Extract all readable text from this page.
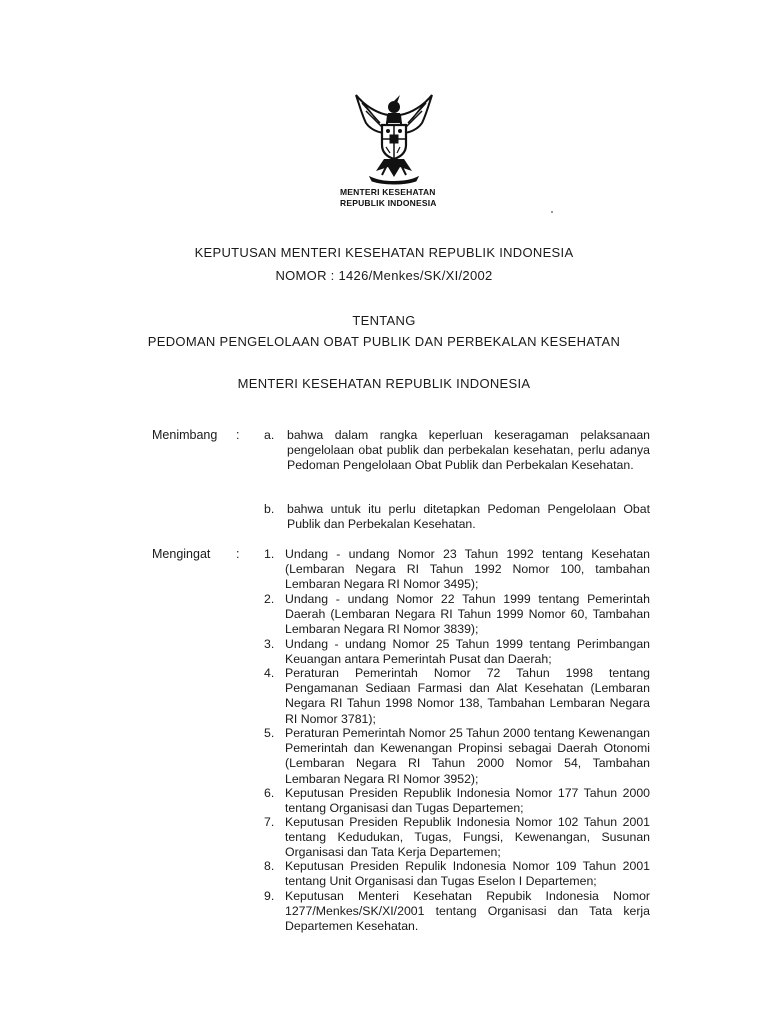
MENTERI KESEHATAN
REPUBLIK INDONESIA
KEPUTUSAN MENTERI KESEHATAN REPUBLIK INDONESIA
NOMOR : 1426/Menkes/SK/XI/2002
TENTANG
PEDOMAN PENGELOLAAN OBAT PUBLIK DAN PERBEKALAN KESEHATAN
MENTERI KESEHATAN REPUBLIK INDONESIA
Menimbang : a. bahwa dalam rangka keperluan keseragaman pelaksanaan pengelolaan obat publik dan perbekalan kesehatan, perlu adanya Pedoman Pengelolaan Obat Publik dan Perbekalan Kesehatan.
b. bahwa untuk itu perlu ditetapkan Pedoman Pengelolaan Obat Publik dan Perbekalan Kesehatan.
Mengingat : 1. Undang - undang Nomor 23 Tahun 1992 tentang Kesehatan (Lembaran Negara RI Tahun 1992 Nomor 100, tambahan Lembaran Negara RI Nomor 3495);
2. Undang - undang Nomor 22 Tahun 1999 tentang Pemerintah Daerah (Lembaran Negara RI Tahun 1999 Nomor 60, Tambahan Lembaran Negara RI Nomor 3839);
3. Undang - undang Nomor 25 Tahun 1999 tentang Perimbangan Keuangan antara Pemerintah Pusat dan Daerah;
4. Peraturan Pemerintah Nomor 72 Tahun 1998 tentang Pengamanan Sediaan Farmasi dan Alat Kesehatan (Lembaran Negara RI Tahun 1998 Nomor 138, Tambahan Lembaran Negara RI Nomor 3781);
5. Peraturan Pemerintah Nomor 25 Tahun 2000 tentang Kewenangan Pemerintah dan Kewenangan Propinsi sebagai Daerah Otonomi (Lembaran Negara RI Tahun 2000 Nomor 54, Tambahan Lembaran Negara RI Nomor 3952);
6. Keputusan Presiden Republik Indonesia Nomor 177 Tahun 2000 tentang Organisasi dan Tugas Departemen;
7. Keputusan Presiden Republik Indonesia Nomor 102 Tahun 2001 tentang Kedudukan, Tugas, Fungsi, Kewenangan, Susunan Organisasi dan Tata Kerja Departemen;
8. Keputusan Presiden Repulik Indonesia Nomor 109 Tahun 2001 tentang Unit Organisasi dan Tugas Eselon I Departemen;
9. Keputusan Menteri Kesehatan Repubik Indonesia Nomor 1277/Menkes/SK/XI/2001 tentang Organisasi dan Tata kerja Departemen Kesehatan.
